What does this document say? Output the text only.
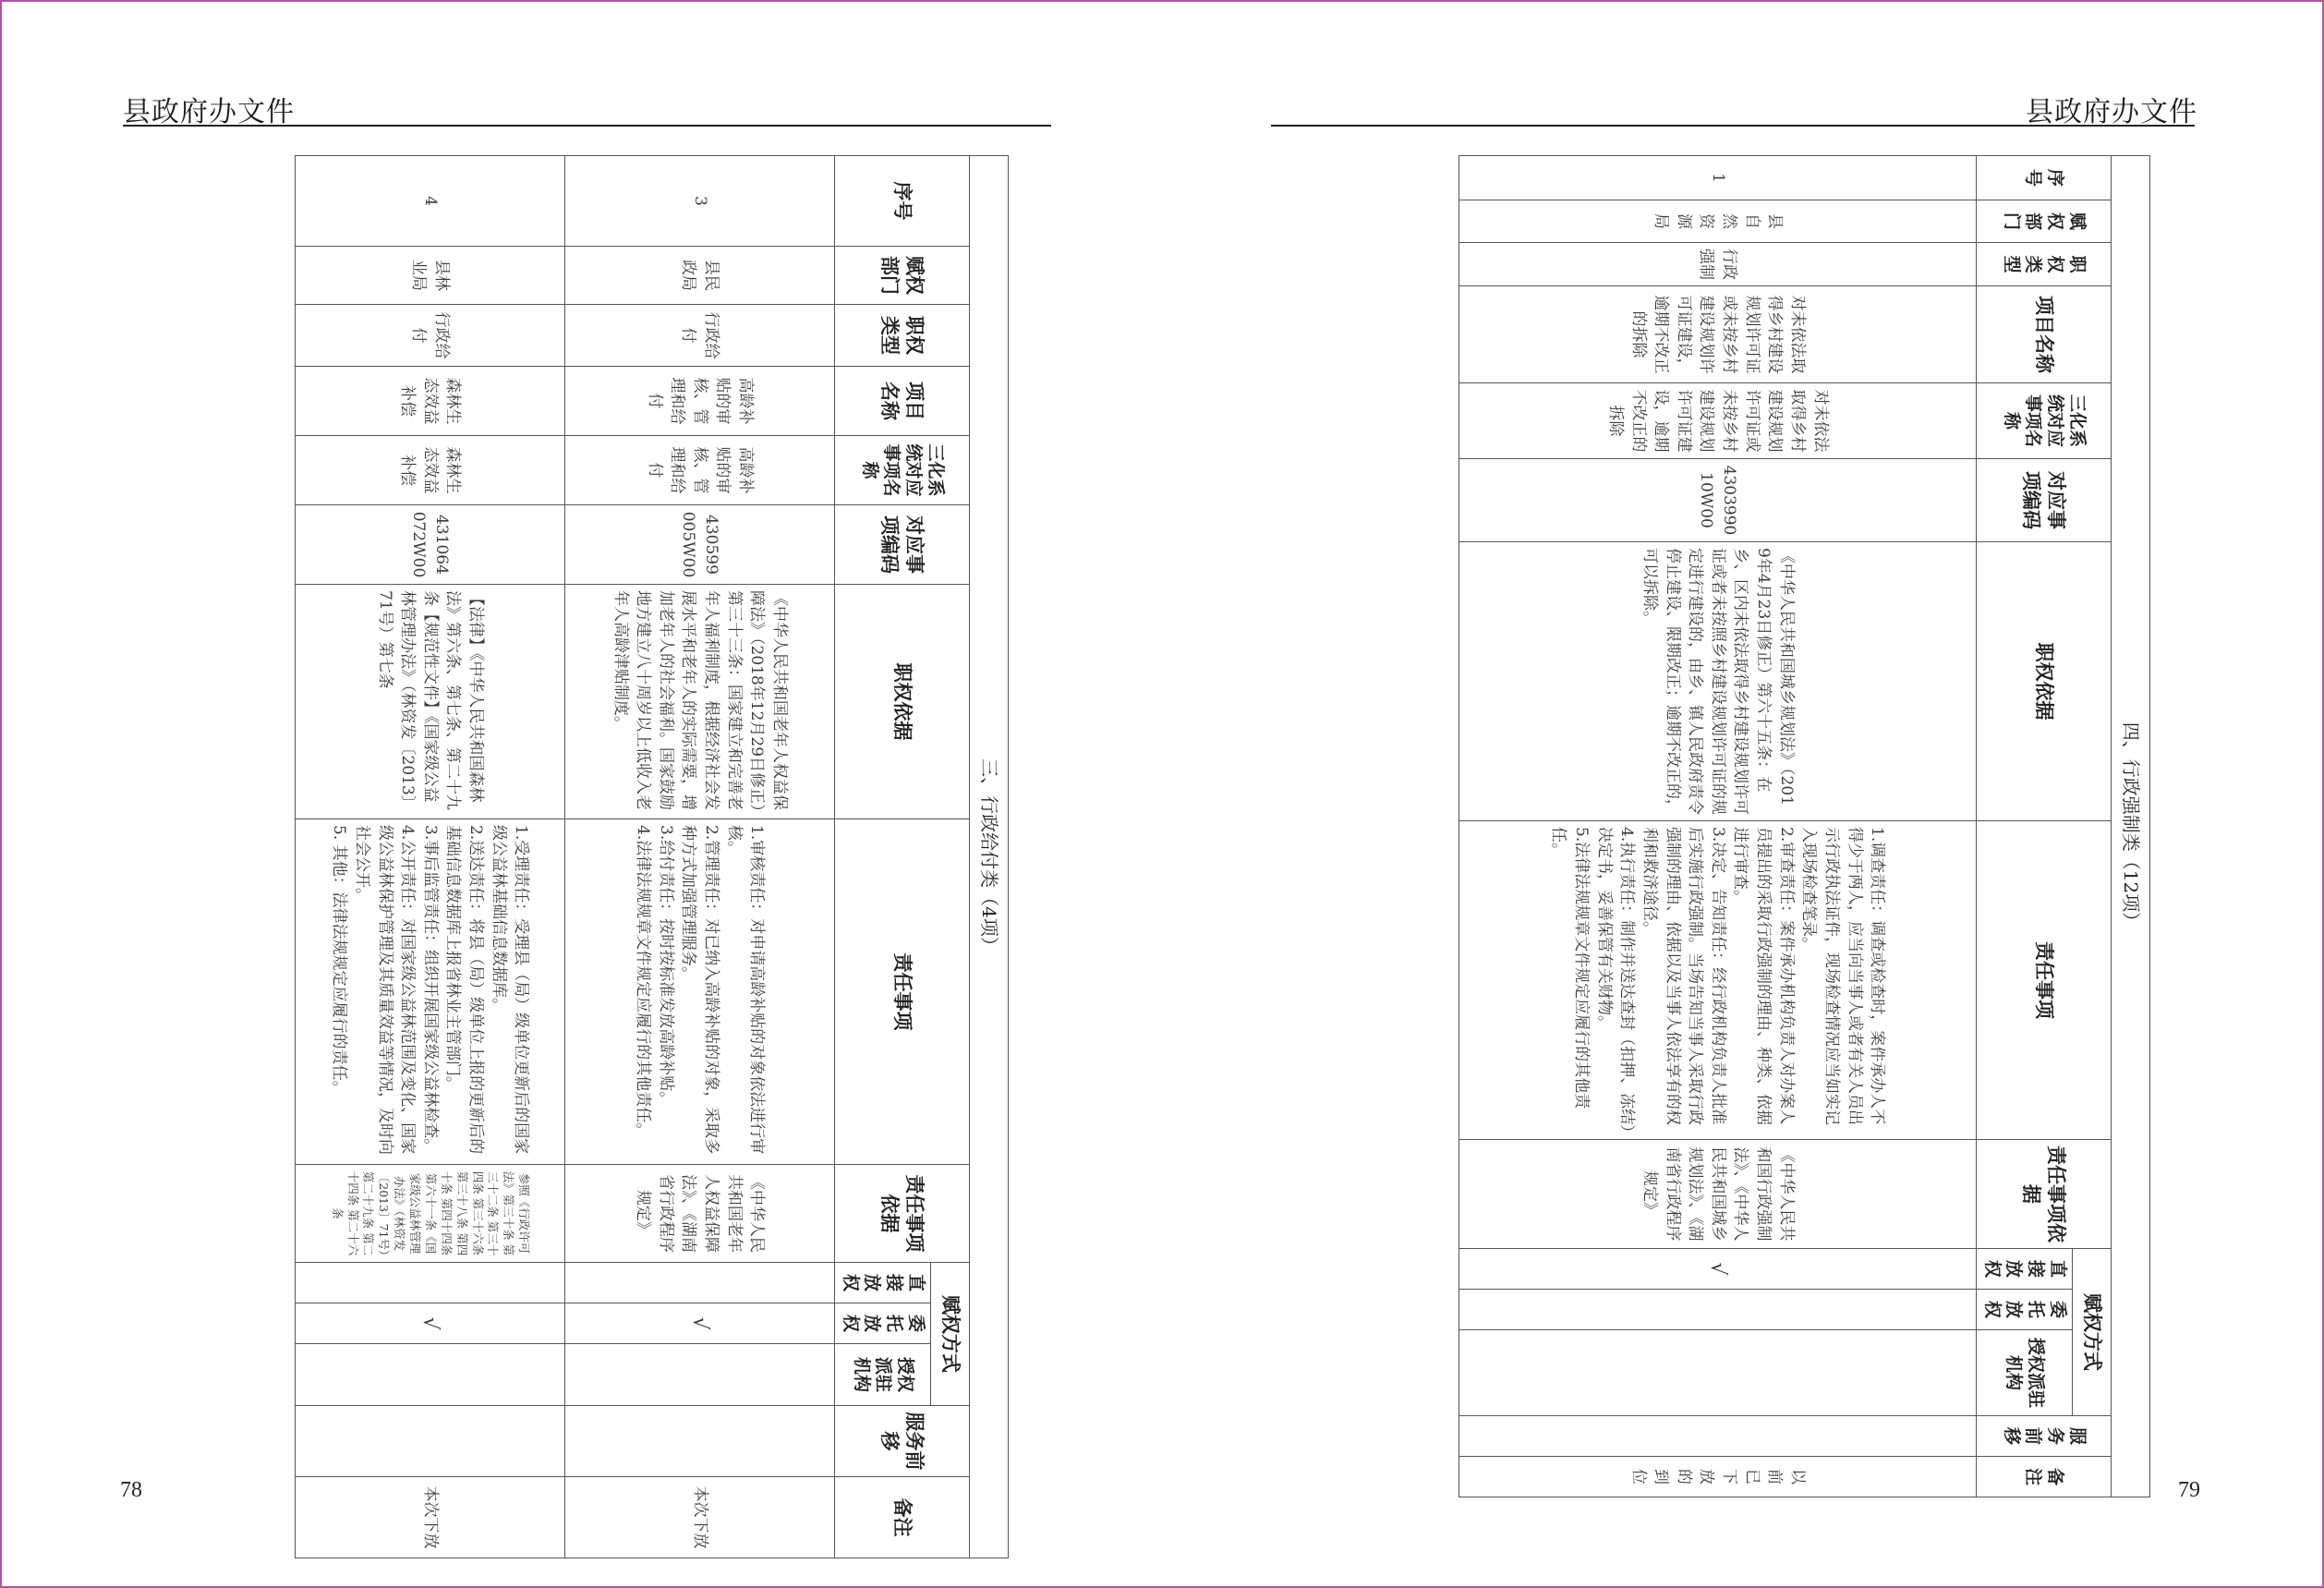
县政府办文件
三、行政给付类（4项）													
序号	赋权部门	职权类型	项目名称	三化系统对应事项名称	对应事项编码	职权依据	责任事项	责任事项依据	赋权方式			服务前移	备注
									直接放权	委托放权	授权派驻机构		
3	县民政局	行政给付	高龄补贴的审核、管理和给付	高龄补贴的审核、管理和给付	430599005W00	《中华人民共和国老年人权益保障法》（2018年12月29日修正）第三十三条：国家建立和完善老年人福利制度，根据经济社会发展水平和老年人的实际需要，增加老年人的社会福利。国家鼓励地方建立八十周岁以上低收入老年人高龄津贴制度。	1.审核责任：对申请高龄补贴的对象依法进行审核。
2.管理责任：对已纳入高龄补贴的对象，采取多种方式加强管理服务。
3.给付责任：按时按标准发放高龄补贴。
4.法律法规规章文件规定应履行的其他责任。	《中华人民共和国老年人权益保障法》、《湖南省行政程序规定》		√			本次下放
4	县林业局	行政给付	森林生态效益补偿	森林生态效益补偿	431064072W00	【法律】《中华人民共和国森林法》第六条、第七条、第二十九条【规范性文件】《国家级公益林管理办法》（林资发〔2013〕71号）第七条	1.受理责任：受理县（局）级单位更新后的国家级公益林基础信息数据库。
2.送达责任：将县（局）级单位上报的更新后的基础信息数据库上报省林业主管部门。
3.事后监管责任：组织开展国家级公益林检查。
4.公开责任：对国家级公益林范围及变化、国家级公益林保护管理及其质量效益等情况，及时向社会公开。
5. 其他：法律法规规定应履行的责任。	参照《行政许可法》第三十条 第三十二条 第三十四条 第三十六条 第三十八条 第四十条 第四十四条 第六十一条《国家级公益林管理办法》（林资发〔2013〕71号）第二十九条 第二十四条 第二十六条		√			本次下放
78
县政府办文件
四、行政强制类（12项）													
序号	赋权部门	职权类型	项目名称	三化系统对应事项名称	对应事项编码	职权依据	责任事项	责任事项依据	赋权方式			服务前移	备注
									直接放权	委托放权	授权派驻机构		
1	县自然资源局	行政强制	对未依法取得乡村建设规划许可证或未按乡村建设规划许可证建设，逾期不改正的拆除	对未依法取得乡村建设规划许可证或未按乡村建设规划许可证建设，逾期不改正的拆除	430399010W00	《中华人民共和国城乡规划法》（2019年4月23日修正）第六十五条：在乡、区内未依法取得乡村建设规划许可证或者未按照乡村建设规划许可证的规定进行建设的，由乡、镇人民政府责令停止建设、限期改正；逾期不改正的，可以拆除。	1.调查责任：调查或检查时，案件承办人不得少于两人，应当向当事人或者有关人员出示行政执法证件，现场检查情况应当如实记入现场检查笔录。
2.审查责任：案件承办机构负责人对办案人员提出的采取行政强制的理由、种类、依据进行审查。
3.决定、告知责任：经行政机构负责人批准后实施行政强制。当场告知当事人采取行政强制的理由、依据以及当事人依法享有的权利和救济途径。
4.执行责任：制作并送达查封（扣押、冻结）决定书，妥善保管有关财物。
5.法律法规规章文件规定应履行的其他责任。	《中华人民共和国行政强制法》、《中华人民共和国城乡规划法》、《湖南省行政程序规定》	√				以前已下放的到位
79
